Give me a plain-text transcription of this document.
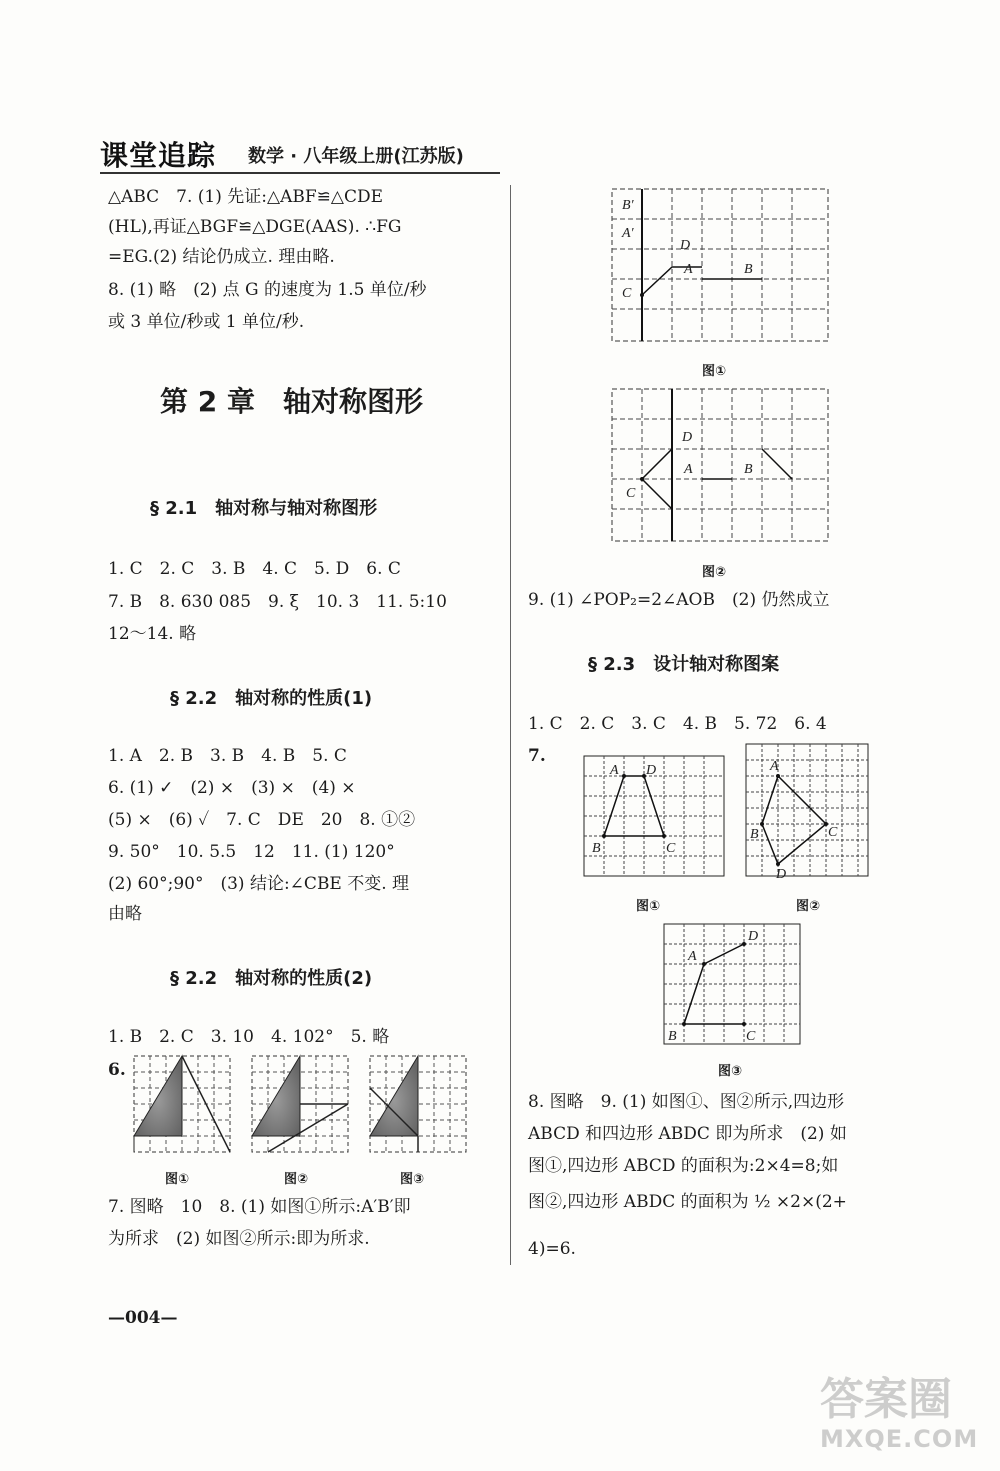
课堂追踪 数学 · 八年级上册(江苏版)
△ABC　7. (1) 先证:△ABF≌△CDE
(HL),再证△BGF≌△DGE(AAS). ∴FG
=EG.(2) 结论仍成立. 理由略.
8. (1) 略　(2) 点 G 的速度为 1.5 单位/秒
或 3 单位/秒或 1 单位/秒.
第 2 章　轴对称图形
§ 2.1　轴对称与轴对称图形
1. C　2. C　3. B　4. C　5. D　6. C
7. B　8. 630 085　9. ξ　10. 3　11. 5:10
12～14. 略
§ 2.2　轴对称的性质(1)
1. A　2. B　3. B　4. B　5. C
6. (1) ✓　(2) ×　(3) ×　(4) ×
(5) ×　(6) ✓　7. C　DE　20　8. ①②
9. 50°　10. 5.5　12　11. (1) 120°
(2) 60°;90°　(3) 结论:∠CBE 不变. 理
由略
§ 2.2　轴对称的性质(2)
1. B　2. C　3. 10　4. 102°　5. 略
6.
图①	图②	图③
7. 图略　10　8. (1) 如图①所示:A′B′即
为所求　(2) 如图②所示:即为所求.
B′
A′
D
A	B
C
图①
D
A	B
C
图②
9. (1) ∠POP₂=2∠AOB　(2) 仍然成立
§ 2.3　设计轴对称图案
1. C　2. C　3. C　4. B　5. 72　6. 4
7.
A D
B	C
图①
A
B	C
D
图②
A
D
B	C
图③
8. 图略　9. (1) 如图①、图②所示,四边形
ABCD 和四边形 ABDC 即为所求　(2) 如
图①,四边形 ABCD 的面积为:2×4=8;如
图②,四边形 ABDC 的面积为 ½ ×2×(2+
4)=6.
—004—
答案圈
MXQE.COM
